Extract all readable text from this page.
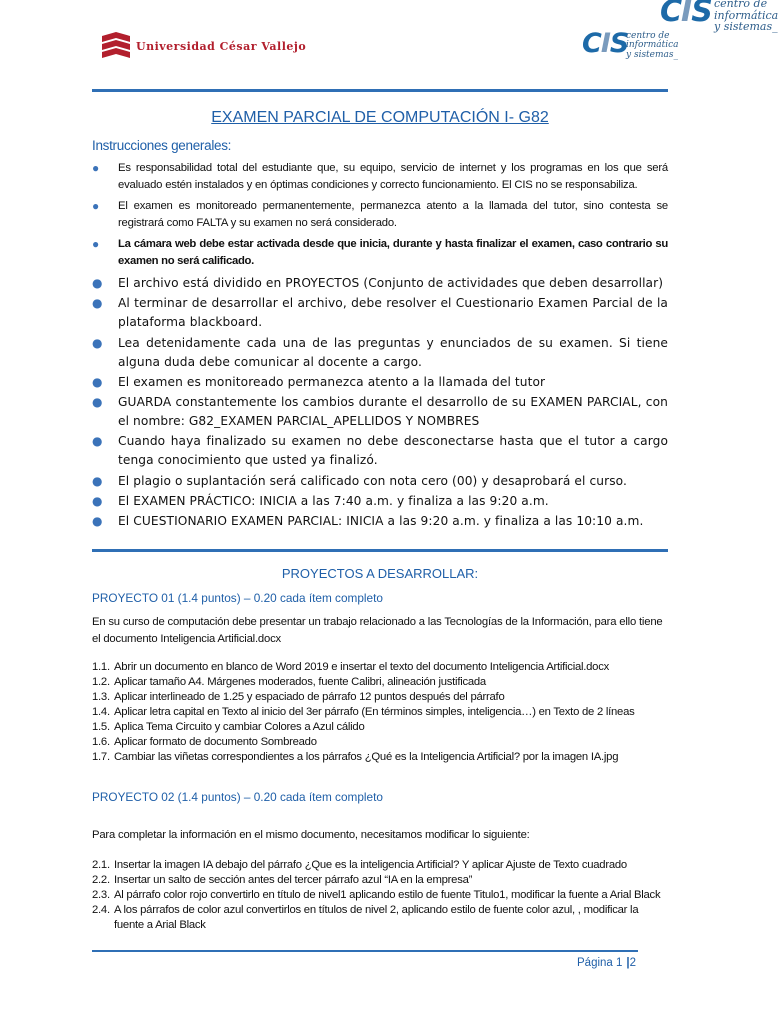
CIS centro de
informática
y sistemas_
Universidad César Vallejo	CIS
centro de
informática
y sistemas_
EXAMEN PARCIAL DE COMPUTACIÓN I- G82
Instrucciones generales:
● Es responsabilidad total del estudiante que, su equipo, servicio de internet y los programas en los que será evaluado estén instalados y en óptimas condiciones y correcto funcionamiento. El CIS no se responsabiliza.
● El examen es monitoreado permanentemente, permanezca atento a la llamada del tutor, sino contesta se registrará como FALTA y su examen no será considerado.
● La cámara web debe estar activada desde que inicia, durante y hasta finalizar el examen, caso contrario su examen no será calificado.
● El archivo está dividido en PROYECTOS (Conjunto de actividades que deben desarrollar)
● Al terminar de desarrollar el archivo, debe resolver el Cuestionario Examen Parcial de la plataforma blackboard.
● Lea detenidamente cada una de las preguntas y enunciados de su examen. Si tiene alguna duda debe comunicar al docente a cargo.
● El examen es monitoreado permanezca atento a la llamada del tutor
● GUARDA constantemente los cambios durante el desarrollo de su EXAMEN PARCIAL, con el nombre: G82_EXAMEN PARCIAL_APELLIDOS Y NOMBRES
● Cuando haya finalizado su examen no debe desconectarse hasta que el tutor a cargo tenga conocimiento que usted ya finalizó.
● El plagio o suplantación será calificado con nota cero (00) y desaprobará el curso.
● El EXAMEN PRÁCTICO: INICIA a las 7:40 a.m. y finaliza a las 9:20 a.m.
● El CUESTIONARIO EXAMEN PARCIAL: INICIA a las 9:20 a.m. y finaliza a las 10:10 a.m.
PROYECTOS A DESARROLLAR:
PROYECTO 01 (1.4 puntos) – 0.20 cada ítem completo
En su curso de computación debe presentar un trabajo relacionado a las Tecnologías de la Información, para ello tiene el documento Inteligencia Artificial.docx
1.1. Abrir un documento en blanco de Word 2019 e insertar el texto del documento Inteligencia Artificial.docx
1.2. Aplicar tamaño A4. Márgenes moderados, fuente Calibri, alineación justificada
1.3. Aplicar interlineado de 1.25 y espaciado de párrafo 12 puntos después del párrafo
1.4. Aplicar letra capital en Texto al inicio del 3er párrafo (En términos simples, inteligencia…) en Texto de 2 líneas
1.5. Aplica Tema Circuito y cambiar Colores a Azul cálido
1.6. Aplicar formato de documento Sombreado
1.7. Cambiar las viñetas correspondientes a los párrafos ¿Qué es la Inteligencia Artificial? por la imagen IA.jpg
PROYECTO 02 (1.4 puntos) – 0.20 cada ítem completo
Para completar la información en el mismo documento, necesitamos modificar lo siguiente:
2.1. Insertar la imagen IA debajo del párrafo ¿Que es la inteligencia Artificial? Y aplicar Ajuste de Texto cuadrado
2.2. Insertar un salto de sección antes del tercer párrafo azul “IA en la empresa”
2.3. Al párrafo color rojo convertirlo en título de nivel1 aplicando estilo de fuente Titulo1, modificar la fuente a Arial Black
2.4. A los párrafos de color azul convertirlos en títulos de nivel 2, aplicando estilo de fuente color azul, , modificar la fuente a Arial Black
Página 1 |2
